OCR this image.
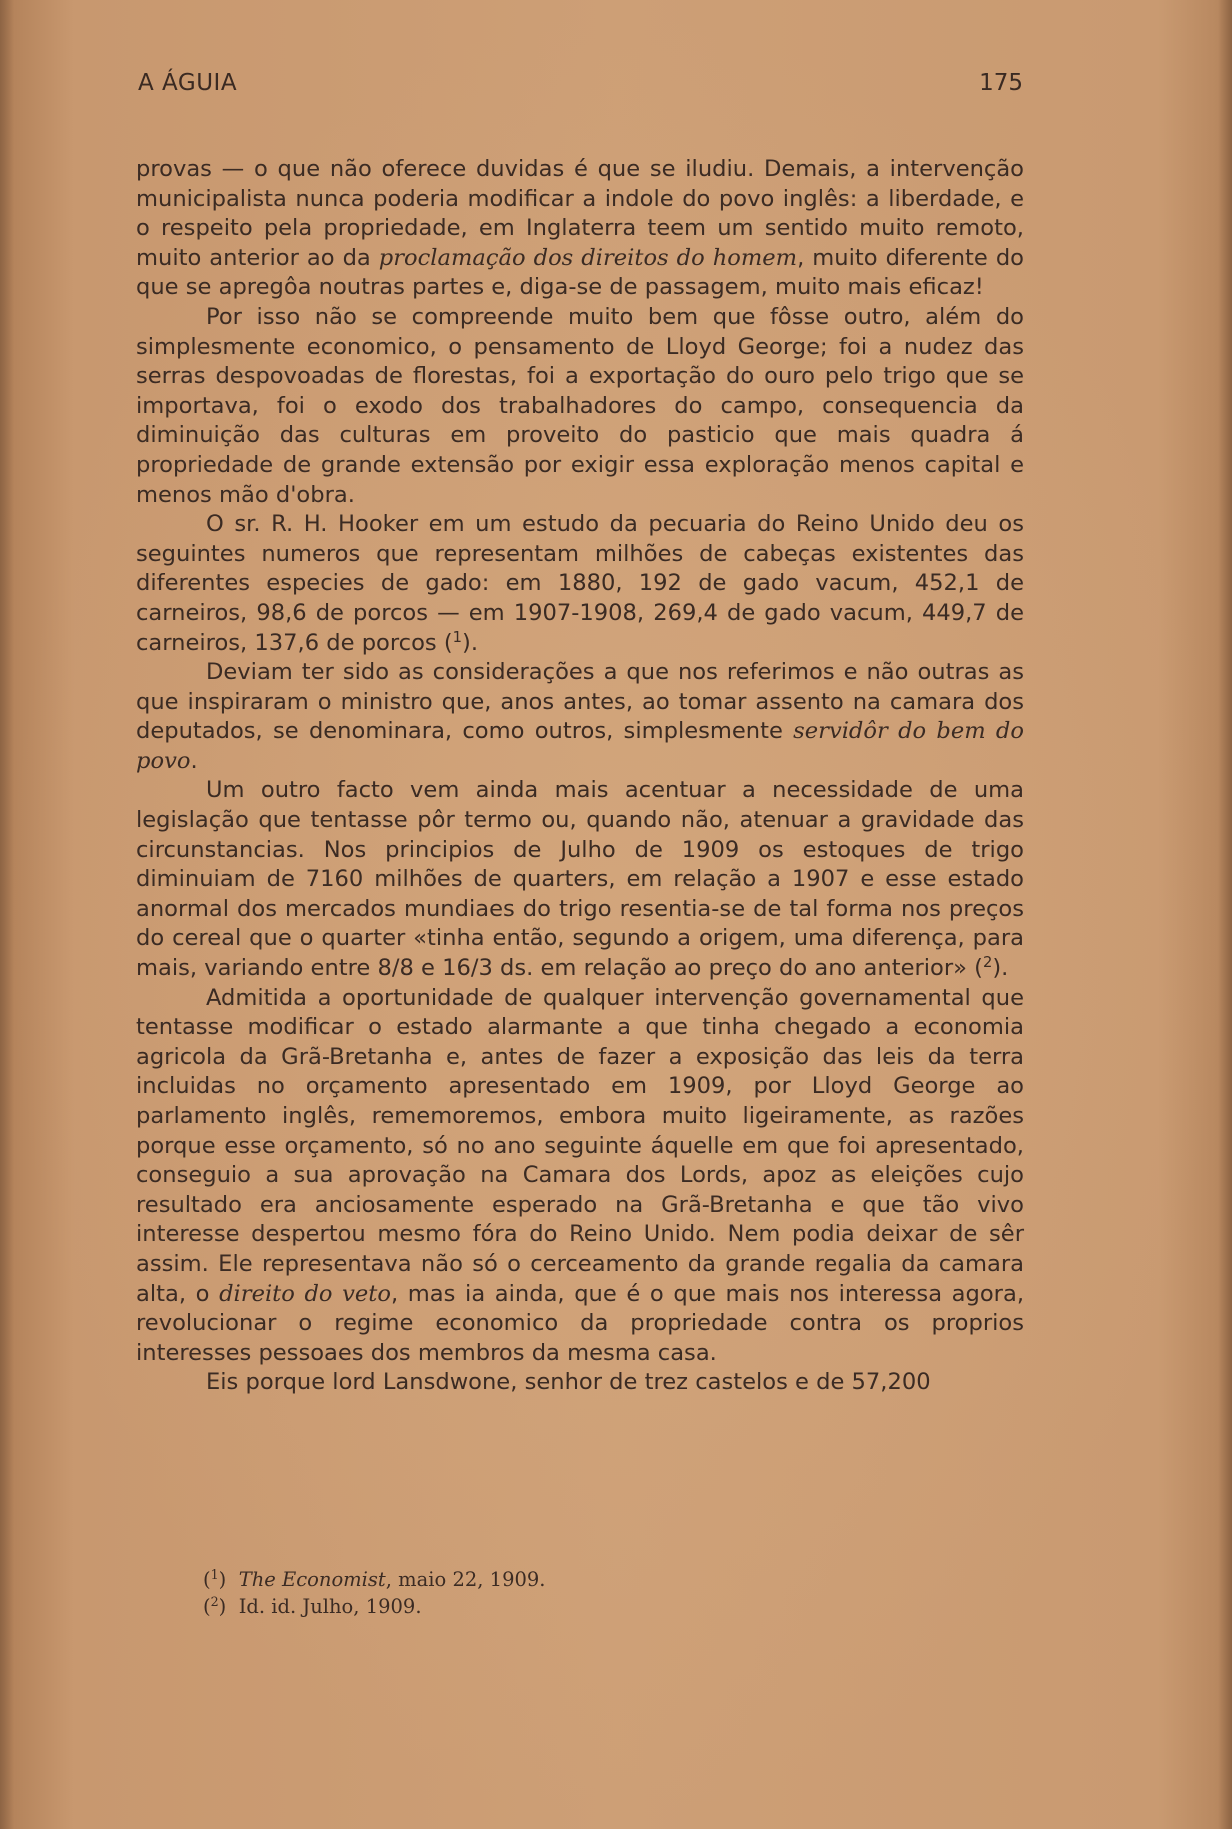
A ÁGUIA	175

provas — o que não oferece duvidas é que se iludiu. Demais, a intervenção municipalista nunca poderia modificar a indole do povo inglês: a liberdade, e o respeito pela propriedade, em Inglaterra teem um sentido muito remoto, muito anterior ao da proclamação dos direitos do homem, muito diferente do que se apregôa noutras partes e, diga-se de passagem, muito mais eficaz!

Por isso não se compreende muito bem que fôsse outro, além do simplesmente economico, o pensamento de Lloyd George; foi a nudez das serras despovoadas de florestas, foi a exportação do ouro pelo trigo que se importava, foi o exodo dos trabalhadores do campo, consequencia da diminuição das culturas em proveito do pasticio que mais quadra á propriedade de grande extensão por exigir essa exploração menos capital e menos mão d'obra.

O sr. R. H. Hooker em um estudo da pecuaria do Reino Unido deu os seguintes numeros que representam milhões de cabeças existentes das diferentes especies de gado: em 1880, 192 de gado vacum, 452,1 de carneiros, 98,6 de porcos — em 1907-1908, 269,4 de gado vacum, 449,7 de carneiros, 137,6 de porcos ($^1$).

Deviam ter sido as considerações a que nos referimos e não outras as que inspiraram o ministro que, anos antes, ao tomar assento na camara dos deputados, se denominara, como outros, simplesmente servidôr do bem do povo.

Um outro facto vem ainda mais acentuar a necessidade de uma legislação que tentasse pôr termo ou, quando não, atenuar a gravidade das circunstancias. Nos principios de Julho de 1909 os estoques de trigo diminuiam de 7160 milhões de quarters, em relação a 1907 e esse estado anormal dos mercados mundiaes do trigo resentia-se de tal forma nos preços do cereal que o quarter «tinha então, segundo a origem, uma diferença, para mais, variando entre 8/8 e 16/3 ds. em relação ao preço do ano anterior» ($^2$).

Admitida a oportunidade de qualquer intervenção governamental que tentasse modificar o estado alarmante a que tinha chegado a economia agricola da Grã-Bretanha e, antes de fazer a exposição das leis da terra incluidas no orçamento apresentado em 1909, por Lloyd George ao parlamento inglês, rememoremos, embora muito ligeiramente, as razões porque esse orçamento, só no ano seguinte áquelle em que foi apresentado, conseguio a sua aprovação na Camara dos Lords, apoz as eleições cujo resultado era anciosamente esperado na Grã-Bretanha e que tão vivo interesse despertou mesmo fóra do Reino Unido. Nem podia deixar de sêr assim. Ele representava não só o cerceamento da grande regalia da camara alta, o direito do veto, mas ia ainda, que é o que mais nos interessa agora, revolucionar o regime economico da propriedade contra os proprios interesses pessoaes dos membros da mesma casa.

Eis porque lord Lansdwone, senhor de trez castelos e de 57,200

($^1$)  The Economist, maio 22, 1909.
($^2$)  Id. id. Julho, 1909.
